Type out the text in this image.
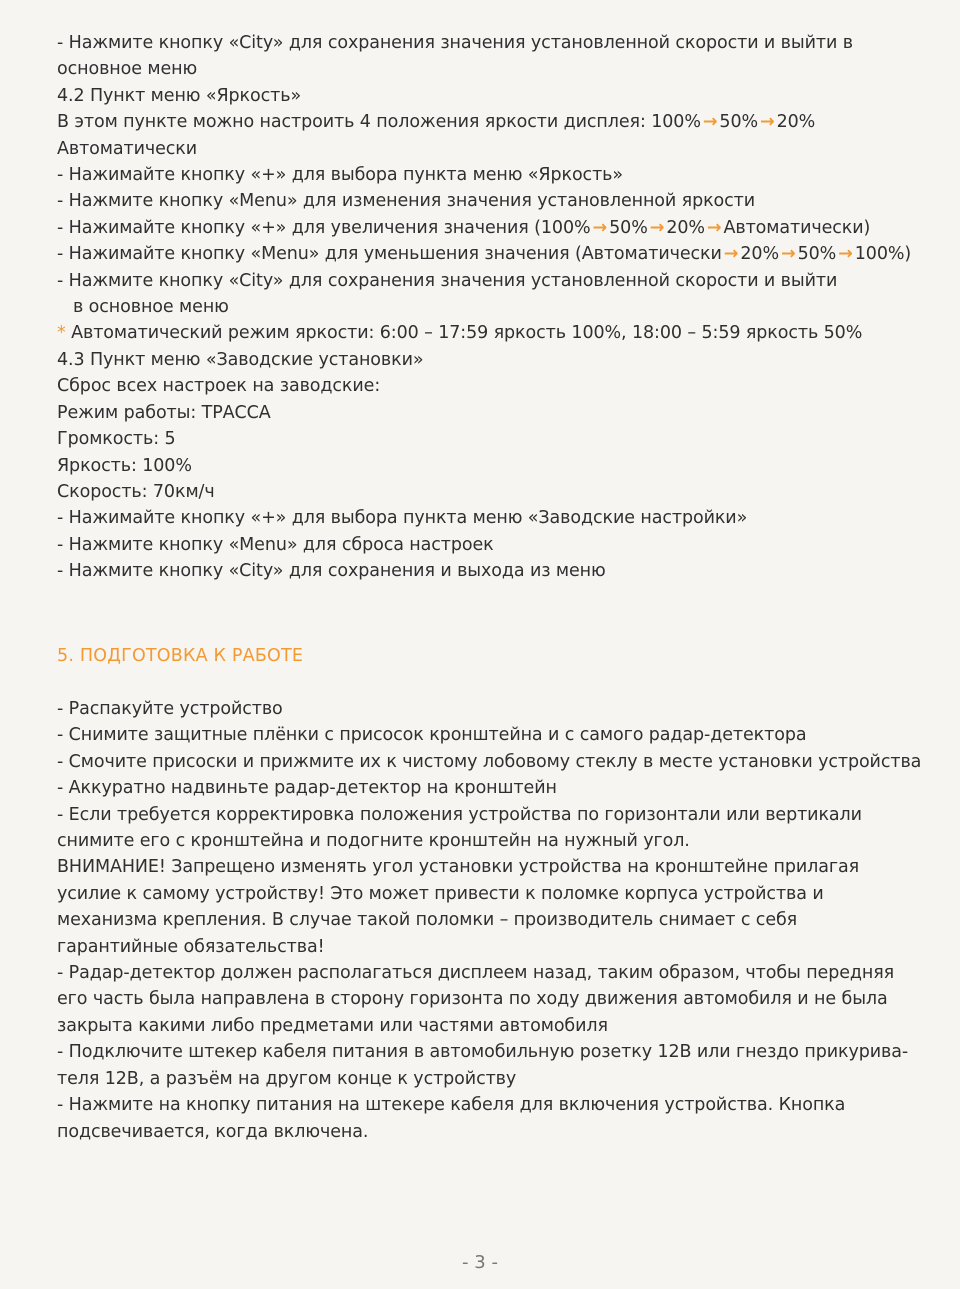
- Нажмите кнопку «City» для сохранения значения установленной скорости и выйти в
основное меню
4.2 Пункт меню «Яркость»
В этом пункте можно настроить 4 положения яркости дисплея: 100% → 50% → 20%
Автоматически
- Нажимайте кнопку «+» для выбора пункта меню «Яркость»
- Нажмите кнопку «Menu» для изменения значения установленной яркости
- Нажимайте кнопку «+» для увеличения значения (100% → 50% → 20% → Автоматически)
- Нажимайте кнопку «Menu» для уменьшения значения (Автоматически → 20% → 50% → 100%)
- Нажмите кнопку «City» для сохранения значения установленной скорости и выйти
в основное меню
* Автоматический режим яркости: 6:00 – 17:59 яркость 100%, 18:00 – 5:59 яркость 50%
4.3 Пункт меню «Заводские установки»
Сброс всех настроек на заводские:
Режим работы: ТРАССА
Громкость: 5
Яркость: 100%
Скорость: 70км/ч
- Нажимайте кнопку «+» для выбора пункта меню «Заводские настройки»
- Нажмите кнопку «Menu» для сброса настроек
- Нажмите кнопку «City» для сохранения и выхода из меню
5. ПОДГОТОВКА К РАБОТЕ
- Распакуйте устройство
- Снимите защитные плёнки с присосок кронштейна и с самого радар-детектора
- Смочите присоски и прижмите их к чистому лобовому стеклу в месте установки устройства
- Аккуратно надвиньте радар-детектор на кронштейн
- Если требуется корректировка положения устройства по горизонтали или вертикали
снимите его с кронштейна и подогните кронштейн на нужный угол.
ВНИМАНИЕ! Запрещено изменять угол установки устройства на кронштейне прилагая
усилие к самому устройству! Это может привести к поломке корпуса устройства и
механизма крепления. В случае такой поломки – производитель снимает с себя
гарантийные обязательства!
- Радар-детектор должен располагаться дисплеем назад, таким образом, чтобы передняя
его часть была направлена в сторону горизонта по ходу движения автомобиля и не была
закрыта какими либо предметами или частями автомобиля
- Подключите штекер кабеля питания в автомобильную розетку 12В или гнездо прикурива-
теля 12В, а разъём на другом конце к устройству
- Нажмите на кнопку питания на штекере кабеля для включения устройства. Кнопка
подсвечивается, когда включена.
- 3 -
